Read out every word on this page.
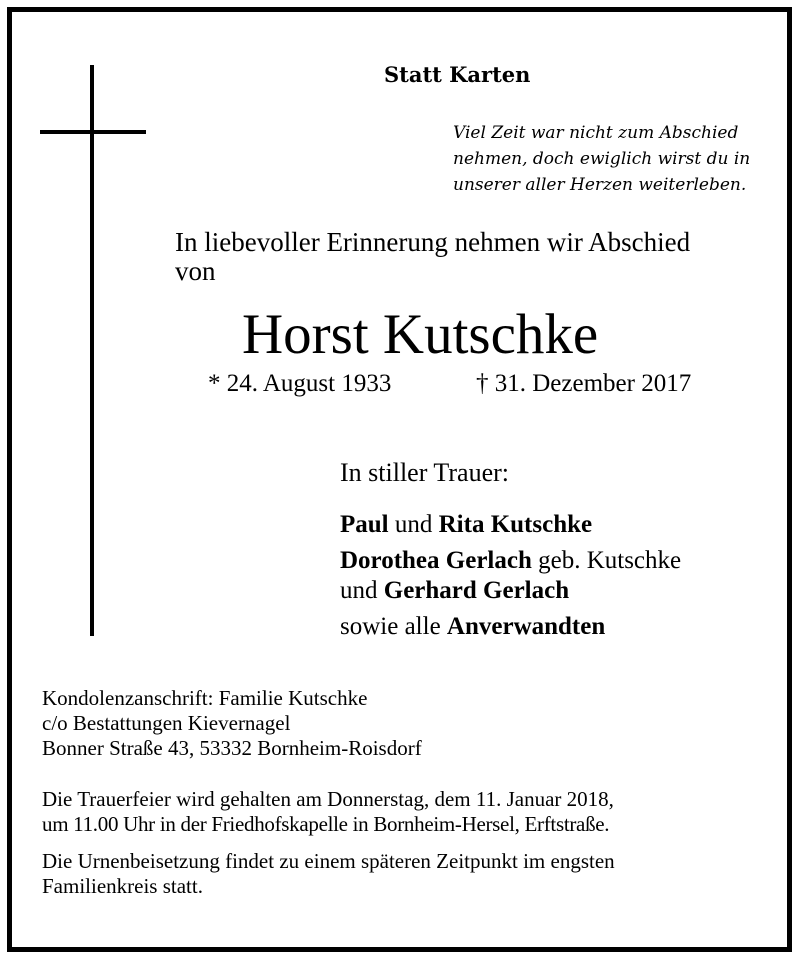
Statt Karten
Viel Zeit war nicht zum Abschied
nehmen, doch ewiglich wirst du in
unserer aller Herzen weiterleben.
In liebevoller Erinnerung nehmen wir Abschied
von
Horst Kutschke
* 24. August 1933	† 31. Dezember 2017
In stiller Trauer:
Paul und Rita Kutschke
Dorothea Gerlach geb. Kutschke
und Gerhard Gerlach
sowie alle Anverwandten
Kondolenzanschrift: Familie Kutschke
c/o Bestattungen Kievernagel
Bonner Straße 43, 53332 Bornheim-Roisdorf
Die Trauerfeier wird gehalten am Donnerstag, dem 11. Januar 2018,
um 11.00 Uhr in der Friedhofskapelle in Bornheim-Hersel, Erftstraße.
Die Urnenbeisetzung findet zu einem späteren Zeitpunkt im engsten
Familienkreis statt.
